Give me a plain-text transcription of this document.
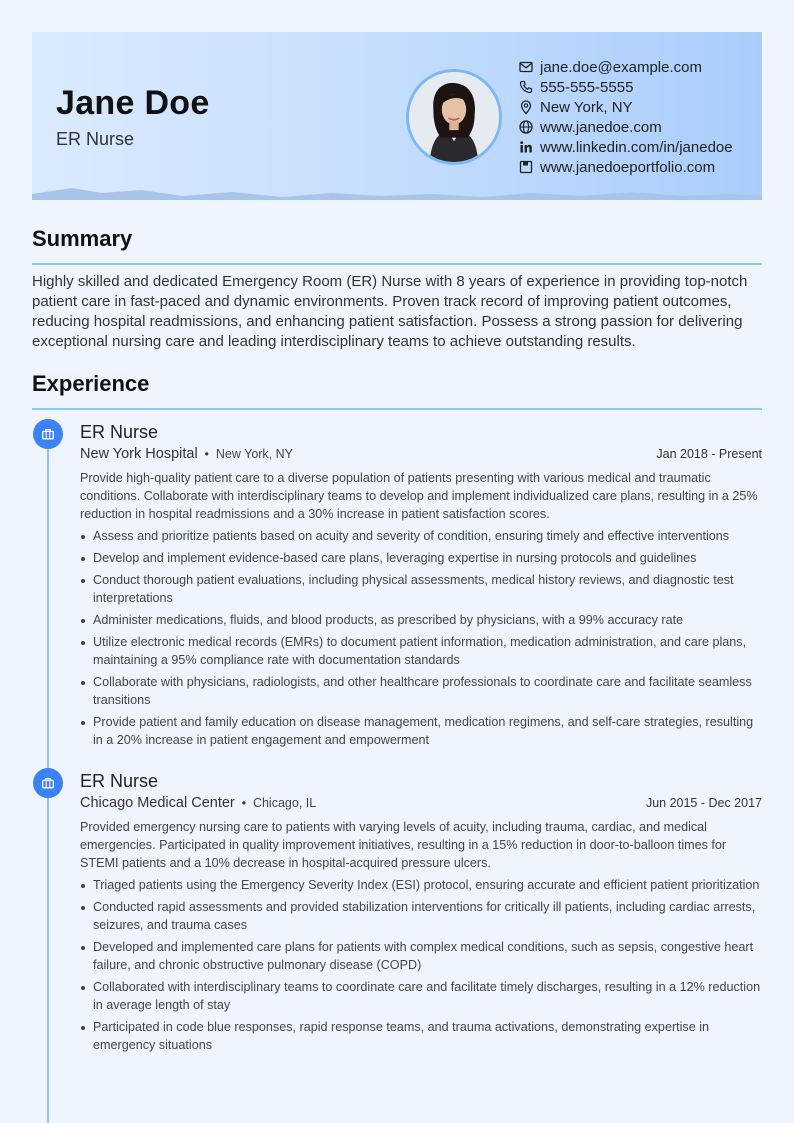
Jane Doe
ER Nurse
jane.doe@example.com
555-555-5555
New York, NY
www.janedoe.com
www.linkedin.com/in/janedoe
www.janedoeportfolio.com
Summary
Highly skilled and dedicated Emergency Room (ER) Nurse with 8 years of experience in providing top-notch patient care in fast-paced and dynamic environments. Proven track record of improving patient outcomes, reducing hospital readmissions, and enhancing patient satisfaction. Possess a strong passion for delivering exceptional nursing care and leading interdisciplinary teams to achieve outstanding results.
Experience
ER Nurse
New York Hospital • New York, NY	Jan 2018 - Present
Provide high-quality patient care to a diverse population of patients presenting with various medical and traumatic conditions. Collaborate with interdisciplinary teams to develop and implement individualized care plans, resulting in a 25% reduction in hospital readmissions and a 30% increase in patient satisfaction scores.
Assess and prioritize patients based on acuity and severity of condition, ensuring timely and effective interventions
Develop and implement evidence-based care plans, leveraging expertise in nursing protocols and guidelines
Conduct thorough patient evaluations, including physical assessments, medical history reviews, and diagnostic test interpretations
Administer medications, fluids, and blood products, as prescribed by physicians, with a 99% accuracy rate
Utilize electronic medical records (EMRs) to document patient information, medication administration, and care plans, maintaining a 95% compliance rate with documentation standards
Collaborate with physicians, radiologists, and other healthcare professionals to coordinate care and facilitate seamless transitions
Provide patient and family education on disease management, medication regimens, and self-care strategies, resulting in a 20% increase in patient engagement and empowerment
ER Nurse
Chicago Medical Center • Chicago, IL	Jun 2015 - Dec 2017
Provided emergency nursing care to patients with varying levels of acuity, including trauma, cardiac, and medical emergencies. Participated in quality improvement initiatives, resulting in a 15% reduction in door-to-balloon times for STEMI patients and a 10% decrease in hospital-acquired pressure ulcers.
Triaged patients using the Emergency Severity Index (ESI) protocol, ensuring accurate and efficient patient prioritization
Conducted rapid assessments and provided stabilization interventions for critically ill patients, including cardiac arrests, seizures, and trauma cases
Developed and implemented care plans for patients with complex medical conditions, such as sepsis, congestive heart failure, and chronic obstructive pulmonary disease (COPD)
Collaborated with interdisciplinary teams to coordinate care and facilitate timely discharges, resulting in a 12% reduction in average length of stay
Participated in code blue responses, rapid response teams, and trauma activations, demonstrating expertise in emergency situations
